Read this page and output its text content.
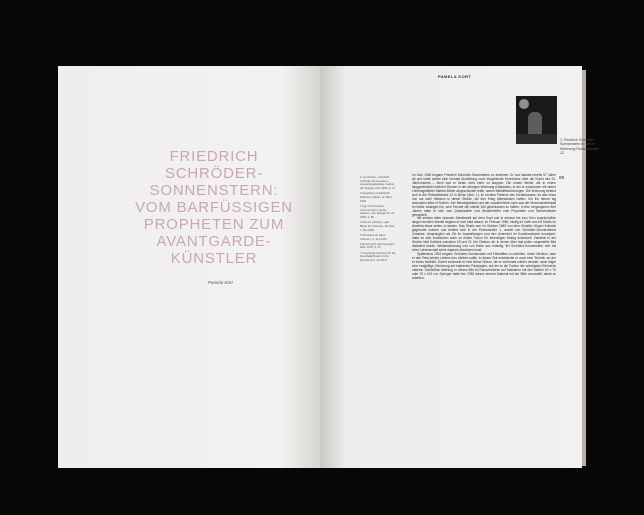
FRIEDRICH
SCHRÖDER-SONNENSTERN:
VOM BARFÜSSIGEN
PROPHETEN ZUM
AVANTGARDE-
KÜNSTLER
Pamela Kort
PAMELA KORT
1. Friedrich Schröder-Sonnenstern in seiner Wohnung Rottwallstraße 12
09
1 Leo Pinther, «Friedrich Schröder-Sonnenstern», Ausstellungskatalog, Galerie der Spiegel, Köln 1959, S. 14
2 Gespräch mit Elisabeth Hoffmann, Berlin, 12. März 1992
3 Vgl. Kurt Krowicki, «Sonnenstern und die Geister», Der Spiegel, Nr. 21, 1962, S. 88
4 Werner Hofmann, «Ein Bauer als Visionär», Die Zeit, 7. Mai 1964
5 Schreiben an Hans Uhlmann, 3. Juni 1951
6 Ernst Fuchs, Erinnerungen, Wien 1978, S. 45
7 Ursprünglich Entwurf für die Kunsthalle Basel, Archiv Pamela Kort, Juli 1972

Im Jahr 1948 begann Friedrich Schröder-Sonnenstern zu zeichnen. Er war damals bereits 57 Jahre alt und hatte weder eine formale Ausbildung noch eingehende Kenntnisse über die Kunst des 20. Jahrhunderts – doch war er fortan nicht mehr zu stoppen. Die ersten Werke, die in einem langgestreckten kleinen Zimmer in der winzigen Wohnung entstanden, in der er zusammen mit seiner Lebensgefährtin Martha Möller abgeschieden lebte, waren Bleistiftzeichnungen. Die Wohnung befand sich in der Rottwallstraße 12 in Berlin (Abb. 1), im rechten Parterre des Vorderhauses; es war eines von nur zwei Häusern in dieser Straße, die den Krieg überstanden hatten. Um ihn herum lag ansonsten alles in Ruinen. Der Benzingestank und der unaufhörliche Lärm aus der Motorradwerkstatt im Keller zwangen ihn, sein Fenster die meiste Zeit geschlossen zu halten. In den vergangenen fünf Jahren hatte er sich vom Quacksalber und Wunderheiler zum Propheten und Sternendeuter gewandelt.

Mit seinem alten braunen Samtbarett auf dem Kopf und in seinem bis zum Kinn zugeknöpften langen dunklen Mantel begann er sich bald darauf, im Februar 1950, häufig im Café und Art Studio im Amerika-Haus sehen zu lassen. Das Studio war im Oktober 1949 von dem Künstler Jürgen Kubicek gegründet worden und befand sich in der Einemstraße 1, unweit von Schröder-Sonnensterns Zuhause. Ursprünglich als Ort für Ausstellungen und den Unterricht im Kunsthandwerk konzipiert, hatte es sich inzwischen auch zu einem Forum für lebendigen Dialog entwickelt. Zweimal in der Woche hielt Kubicek zwischen 18 und 21 Uhr Diskurs ab, in denen über fast jedes vorgestellte Bild diskutiert wurde. Weltanschauung und von Natur aus redselig, fiel Schröder-Sonnenstern dort mit einer Leidenschaft seine eigenen Ansichten kund.

Spätestens 1952 begann Schröder-Sonnenstern mit Farbstiften zu arbeiten, ihrem Medium, dem er den Rest seines Lebens treu bleiben sollte. In dieser Zeit entwickelte er auch eine Technik, an der er fortan festhielt. Zuerst zeichnete er eine kleine Skizze, die er mehrmals wieder verwarf, dann folgte eine endgültige Zeichnung auf halbierem Packpapier, auf der er die Farben der wichtigsten Elemente notierte. Schließlich übertrug er dieses Bild im Pausverfahren auf Malkarton mit den Maßen 50 x 70 oder 70 x 100 cm. Springer hatte ihm 1952 dieses teurere Material mit der Bitte verschafft, damit zu arbeiten.
